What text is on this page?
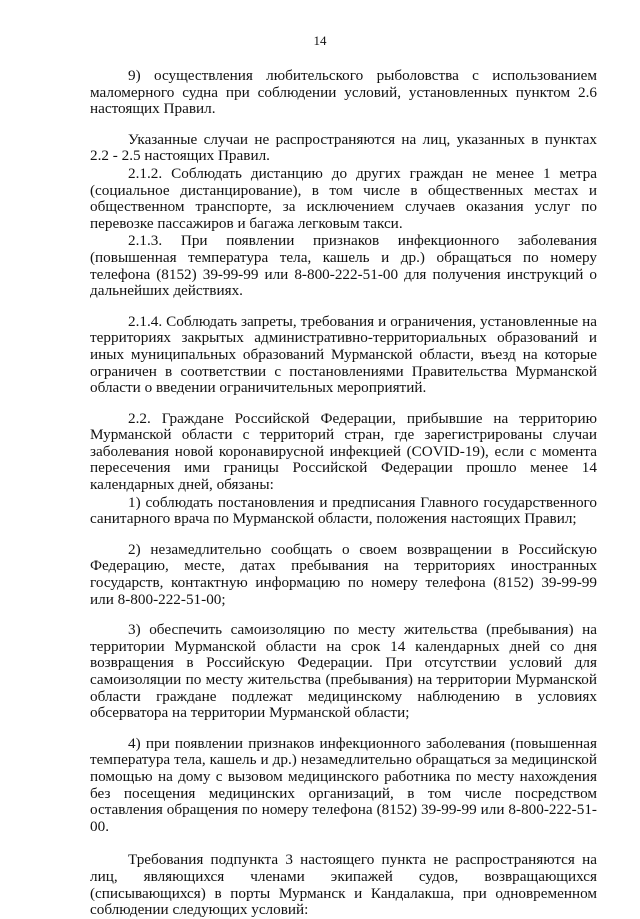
14

9) осуществления любительского рыболовства с использованием маломерного судна при соблюдении условий, установленных пунктом 2.6 настоящих Правил.

Указанные случаи не распространяются на лиц, указанных в пунктах 2.2 - 2.5 настоящих Правил.

2.1.2. Соблюдать дистанцию до других граждан не менее 1 метра (социальное дистанцирование), в том числе в общественных местах и общественном транспорте, за исключением случаев оказания услуг по перевозке пассажиров и багажа легковым такси.

2.1.3. При появлении признаков инфекционного заболевания (повышенная температура тела, кашель и др.) обращаться по номеру телефона (8152) 39-99-99 или 8-800-222-51-00 для получения инструкций о дальнейших действиях.

2.1.4. Соблюдать запреты, требования и ограничения, установленные на территориях закрытых административно-территориальных образований и иных муниципальных образований Мурманской области, въезд на которые ограничен в соответствии с постановлениями Правительства Мурманской области о введении ограничительных мероприятий.

2.2. Граждане Российской Федерации, прибывшие на территорию Мурманской области с территорий стран, где зарегистрированы случаи заболевания новой коронавирусной инфекцией (COVID-19), если с момента пересечения ими границы Российской Федерации прошло менее 14 календарных дней, обязаны:

1) соблюдать постановления и предписания Главного государственного санитарного врача по Мурманской области, положения настоящих Правил;

2) незамедлительно сообщать о своем возвращении в Российскую Федерацию, месте, датах пребывания на территориях иностранных государств, контактную информацию по номеру телефона (8152) 39-99-99 или 8-800-222-51-00;

3) обеспечить самоизоляцию по месту жительства (пребывания) на территории Мурманской области на срок 14 календарных дней со дня возвращения в Российскую Федерации. При отсутствии условий для самоизоляции по месту жительства (пребывания) на территории Мурманской области граждане подлежат медицинскому наблюдению в условиях обсерватора на территории Мурманской области;

4) при появлении признаков инфекционного заболевания (повышенная температура тела, кашель и др.) незамедлительно обращаться за медицинской помощью на дому с вызовом медицинского работника по месту нахождения без посещения медицинских организаций, в том числе посредством оставления обращения по номеру телефона (8152) 39-99-99 или 8-800-222-51- 00.

Требования подпункта 3 настоящего пункта не распространяются на лиц, являющихся членами экипажей судов, возвращающихся (списывающихся) в порты Мурманск и Кандалакша, при одновременном соблюдении следующих условий:
